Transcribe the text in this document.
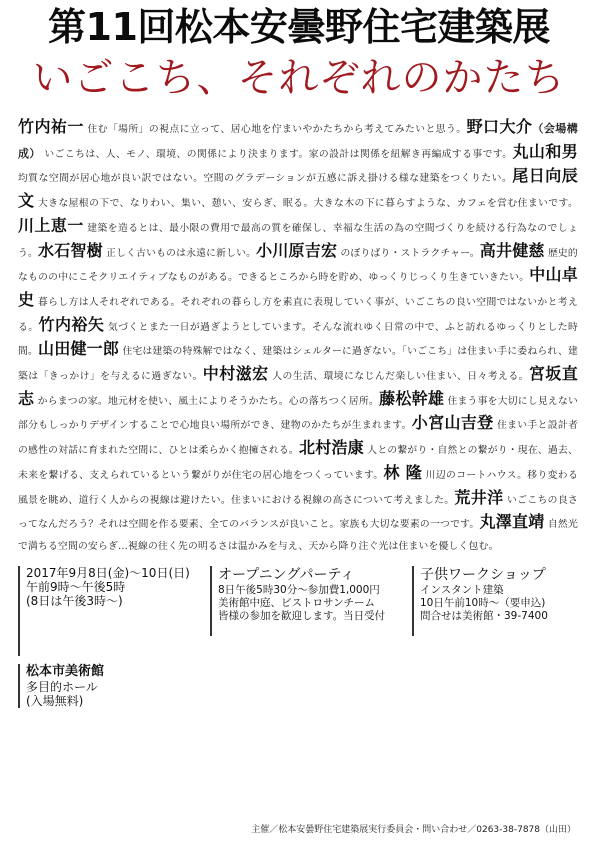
第11回松本安曇野住宅建築展
いごこち、それぞれのかたち
竹内祐一 住む「場所」の視点に立って、居心地を佇まいやかたちから考えてみたいと思う。野口大介（会場構成） いごこちは、人、モノ、環境、の関係により決まります。家の設計は関係を紐解き再編成する事です。丸山和男 均質な空間が居心地が良い訳ではない。空間のグラデーションが五感に訴え掛ける様な建築をつくりたい。尾日向辰文 大きな屋根の下で、なりわい、集い、憩い、安らぎ、眠る。大きな木の下に暮らすような、カフェを営む住まいです。川上恵一 建築を造るとは、最小限の費用で最高の質を確保し、幸福な生活の為の空間づくりを続ける行為なのでしょう。水石智樹 正しく古いものは永遠に新しい。小川原吉宏 のぼりばり・ストラクチャー。高井健慈 歴史的なものの中にこそクリエイティブなものがある。できるところから時を貯め、ゆっくりじっくり生きていきたい。中山卓史 暮らし方は人それぞれである。それぞれの暮らし方を素直に表現していく事が、いごこちの良い空間ではないかと考える。竹内裕矢 気づくとまた一日が過ぎようとしています。そんな流れゆく日常の中で、ふと訪れるゆっくりとした時間。山田健一郎 住宅は建築の特殊解ではなく、建築はシェルターに過ぎない。「いごこち」は住まい手に委ねられ、建築は「きっかけ」を与えるに過ぎない。中村滋宏 人の生活、環境になじんだ楽しい住まい、日々考える。宮坂直志 からまつの家。地元材を使い、風土によりそうかたち。心の落ちつく居所。藤松幹雄 住まう事を大切にし見えない部分もしっかりデザインすることで心地良い場所ができ、建物のかたちが生まれます。小宮山吉登 住まい手と設計者の感性の対話に育まれた空間に、ひとは柔らかく抱擁される。北村浩康 人との繋がり・自然との繋がり・現在、過去、未来を繋げる、支えられているという繋がりが住宅の居心地をつくっています。林 隆 川辺のコートハウス。移り変わる風景を眺め、道行く人からの視線は避けたい。住まいにおける視線の高さについて考えました。荒井洋 いごこちの良さってなんだろう？それは空間を作る要素、全てのバランスが良いこと。家族も大切な要素の一つです。丸澤直靖 自然光で満ちる空間の安らぎ…視線の往く先の明るさは温かみを与え、天から降り注ぐ光は住まいを優しく包む。
2017年9月8日(金)〜10日(日)
午前9時〜午後5時
(8日は午後3時〜)
松本市美術館
多目的ホール
(入場無料)
オープニングパーティ
8日午後5時30分〜参加費1,000円
美術館中庭、ビストロサンチーム
皆様の参加を歓迎します。当日受付
子供ワークショップ
インスタント建築
10日午前10時〜（要申込)
問合せは美術館・39-7400
主催／松本安曇野住宅建築展実行委員会・問い合わせ／0263-38-7878（山田）
